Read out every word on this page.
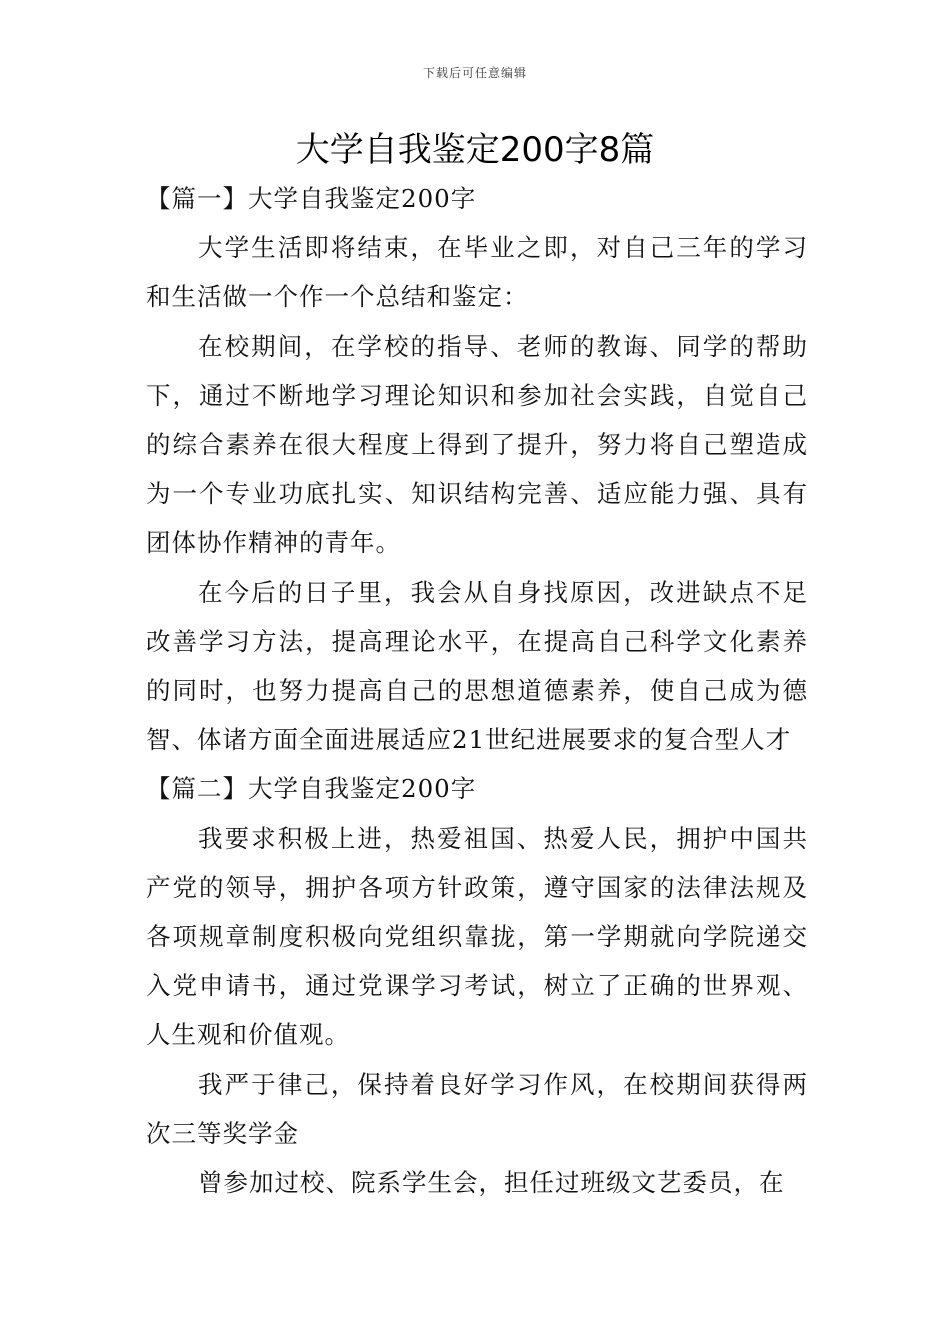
下载后可任意编辑
大学自我鉴定200字8篇
【篇一】大学自我鉴定200字

大学生活即将结束，在毕业之即，对自己三年的学习和生活做一个作一个总结和鉴定：

在校期间，在学校的指导、老师的教诲、同学的帮助下，通过不断地学习理论知识和参加社会实践，自觉自己的综合素养在很大程度上得到了提升，努力将自己塑造成为一个专业功底扎实、知识结构完善、适应能力强、具有团体协作精神的青年。

在今后的日子里，我会从自身找原因，改进缺点不足改善学习方法，提高理论水平，在提高自己科学文化素养的同时，也努力提高自己的思想道德素养，使自己成为德智、体诸方面全面进展适应21世纪进展要求的复合型人才

【篇二】大学自我鉴定200字

我要求积极上进，热爱祖国、热爱人民，拥护中国共产党的领导，拥护各项方针政策，遵守国家的法律法规及各项规章制度积极向党组织靠拢，第一学期就向学院递交入党申请书，通过党课学习考试，树立了正确的世界观、人生观和价值观。

我严于律己，保持着良好学习作风，在校期间获得两次三等奖学金

曾参加过校、院系学生会，担任过班级文艺委员，在
